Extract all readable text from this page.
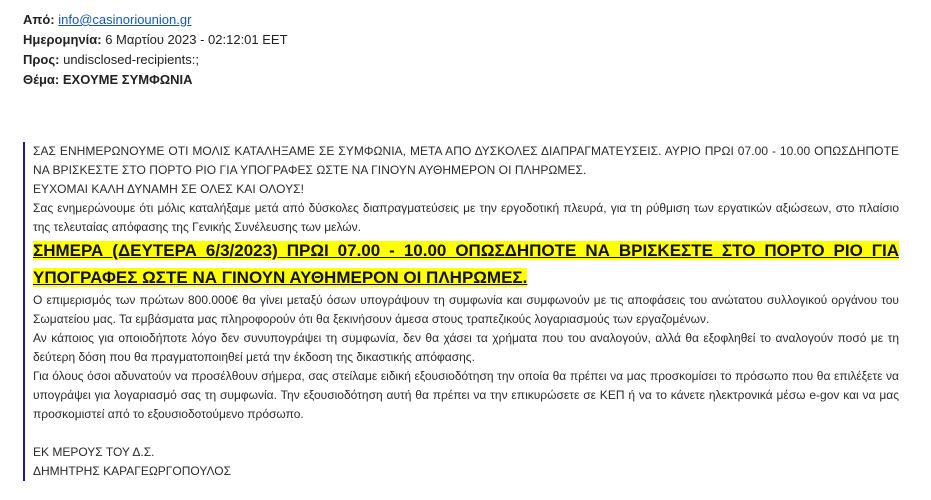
Από: info@casinoriounion.gr
Ημερομηνία: 6 Μαρτίου 2023 - 02:12:01 EET
Προς: undisclosed-recipients:;
Θέμα: ΕΧΟΥΜΕ ΣΥΜΦΩΝΙΑ

ΣΑΣ ΕΝΗΜΕΡΩΝΟΥΜΕ ΟΤΙ ΜΟΛΙΣ ΚΑΤΑΛΗΞΑΜΕ ΣΕ ΣΥΜΦΩΝΙΑ, ΜΕΤΑ ΑΠΟ ΔΥΣΚΟΛΕΣ ΔΙΑΠΡΑΓΜΑΤΕΥΣΕΙΣ. ΑΥΡΙΟ ΠΡΩΙ 07.00 - 10.00 ΟΠΩΣΔΗΠΟΤΕ ΝΑ ΒΡΙΣΚΕΣΤΕ ΣΤΟ ΠΟΡΤΟ ΡΙΟ ΓΙΑ ΥΠΟΓΡΑΦΕΣ ΩΣΤΕ ΝΑ ΓΙΝΟΥΝ ΑΥΘΗΜΕΡΟΝ ΟΙ ΠΛΗΡΩΜΕΣ.

ΕΥΧΟΜΑΙ ΚΑΛΗ ΔΥΝΑΜΗ ΣΕ ΟΛΕΣ ΚΑΙ ΟΛΟΥΣ!

Σας ενημερώνουμε ότι μόλις καταλήξαμε μετά από δύσκολες διαπραγματεύσεις με την εργοδοτική πλευρά, για τη ρύθμιση των εργατικών αξιώσεων, στο πλαίσιο της τελευταίας απόφασης της Γενικής Συνέλευσης των μελών.

ΣΗΜΕΡΑ (ΔΕΥΤΕΡΑ 6/3/2023) ΠΡΩΙ 07.00 - 10.00 ΟΠΩΣΔΗΠΟΤΕ ΝΑ ΒΡΙΣΚΕΣΤΕ ΣΤΟ ΠΟΡΤΟ ΡΙΟ ΓΙΑ ΥΠΟΓΡΑΦΕΣ ΩΣΤΕ ΝΑ ΓΙΝΟΥΝ ΑΥΘΗΜΕΡΟΝ ΟΙ ΠΛΗΡΩΜΕΣ.

Ο επιμερισμός των πρώτων 800.000€ θα γίνει μεταξύ όσων υπογράψουν τη συμφωνία και συμφωνούν με τις αποφάσεις του ανώτατου συλλογικού οργάνου του Σωματείου μας. Τα εμβάσματα μας πληροφορούν ότι θα ξεκινήσουν άμεσα στους τραπεζικούς λογαριασμούς των εργαζομένων.

Αν κάποιος για οποιοδήποτε λόγο δεν συνυπογράψει τη συμφωνία, δεν θα χάσει τα χρήματα που του αναλογούν, αλλά θα εξοφληθεί το αναλογούν ποσό με τη δεύτερη δόση που θα πραγματοποιηθεί μετά την έκδοση της δικαστικής απόφασης.

Για όλους όσοι αδυνατούν να προσέλθουν σήμερα, σας στείλαμε ειδική εξουσιοδότηση την οποία θα πρέπει να μας προσκομίσει το πρόσωπο που θα επιλέξετε να υπογράψει για λογαριασμό σας τη συμφωνία. Την εξουσιοδότηση αυτή θα πρέπει να την επικυρώσετε σε ΚΕΠ ή να το κάνετε ηλεκτρονικά μέσω e-gov και να μας προσκομιστεί από το εξουσιοδοτούμενο πρόσωπο.

ΕΚ ΜΕΡΟΥΣ ΤΟΥ Δ.Σ.

ΔΗΜΗΤΡΗΣ ΚΑΡΑΓΕΩΡΓΟΠΟΥΛΟΣ
